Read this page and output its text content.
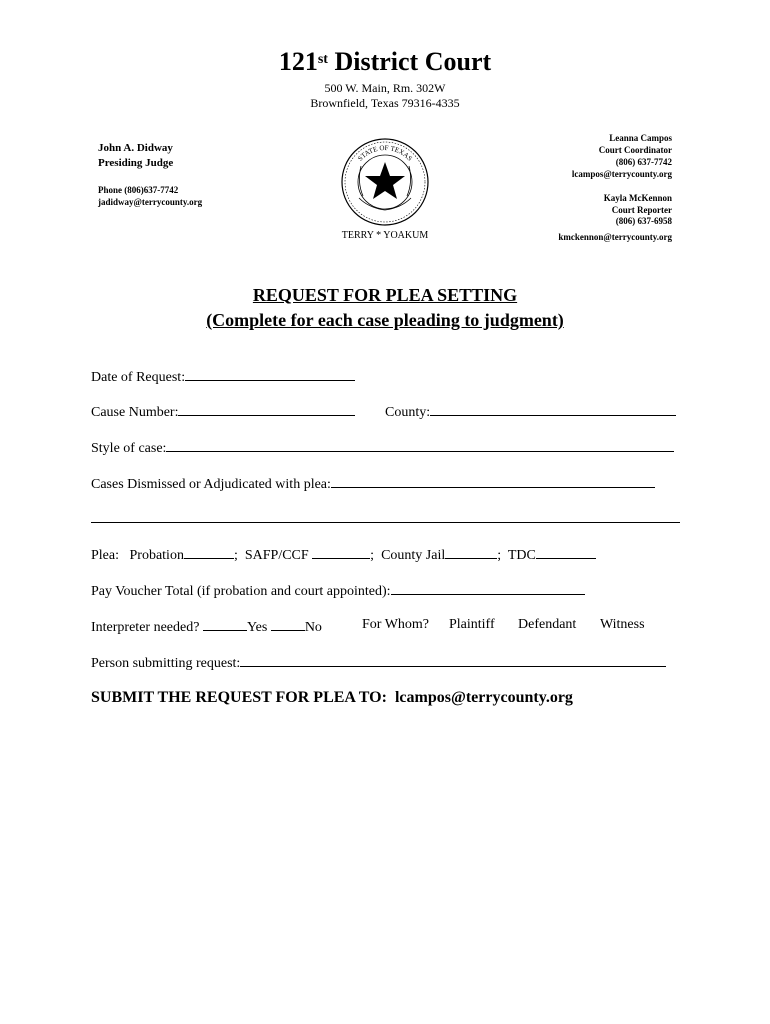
121st District Court
500 W. Main, Rm. 302W
Brownfield, Texas 79316-4335
John A. Didway
Presiding Judge
Phone (806)637-7742
jadidway@terrycounty.org
STATE OF TEXAS
TERRY * YOAKUM
Leanna Campos
Court Coordinator
(806) 637-7742
lcampos@terrycounty.org
Kayla McKennon
Court Reporter
(806) 637-6958
kmckennon@terrycounty.org
REQUEST FOR PLEA SETTING
(Complete for each case pleading to judgment)
Date of Request:
Cause Number:	County:
Style of case:
Cases Dismissed or Adjudicated with plea:
Plea: Probation	; SAFP/CCF	; County Jail	; TDC
Pay Voucher Total (if probation and court appointed):
Interpreter needed?	Yes	No	For Whom? Plaintiff Defendant Witness
Person submitting request:
SUBMIT THE REQUEST FOR PLEA TO: lcampos@terrycounty.org
